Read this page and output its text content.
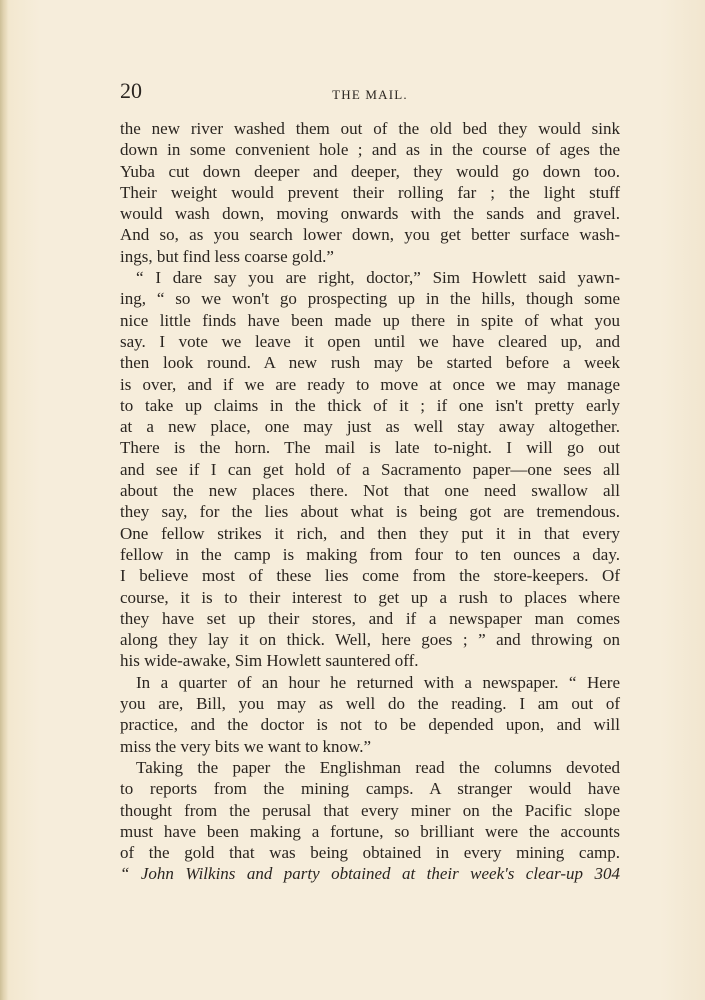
20	THE MAIL.
the new river washed them out of the old bed they would sink
down in some convenient hole ; and as in the course of ages the
Yuba cut down deeper and deeper, they would go down too.
Their weight would prevent their rolling far ; the light stuff
would wash down, moving onwards with the sands and gravel.
And so, as you search lower down, you get better surface wash-
ings, but find less coarse gold.”
“ I dare say you are right, doctor,” Sim Howlett said yawn-
ing, “ so we won't go prospecting up in the hills, though some
nice little finds have been made up there in spite of what you
say. I vote we leave it open until we have cleared up, and
then look round. A new rush may be started before a week
is over, and if we are ready to move at once we may manage
to take up claims in the thick of it ; if one isn't pretty early
at a new place, one may just as well stay away altogether.
There is the horn. The mail is late to-night. I will go out
and see if I can get hold of a Sacramento paper—one sees all
about the new places there. Not that one need swallow all
they say, for the lies about what is being got are tremendous.
One fellow strikes it rich, and then they put it in that every
fellow in the camp is making from four to ten ounces a day.
I believe most of these lies come from the store-keepers. Of
course, it is to their interest to get up a rush to places where
they have set up their stores, and if a newspaper man comes
along they lay it on thick. Well, here goes ; ” and throwing on
his wide-awake, Sim Howlett sauntered off.
In a quarter of an hour he returned with a newspaper. “ Here
you are, Bill, you may as well do the reading. I am out of
practice, and the doctor is not to be depended upon, and will
miss the very bits we want to know.”
Taking the paper the Englishman read the columns devoted
to reports from the mining camps. A stranger would have
thought from the perusal that every miner on the Pacific slope
must have been making a fortune, so brilliant were the accounts
of the gold that was being obtained in every mining camp.
“ John Wilkins and party obtained at their week's clear-up 304
